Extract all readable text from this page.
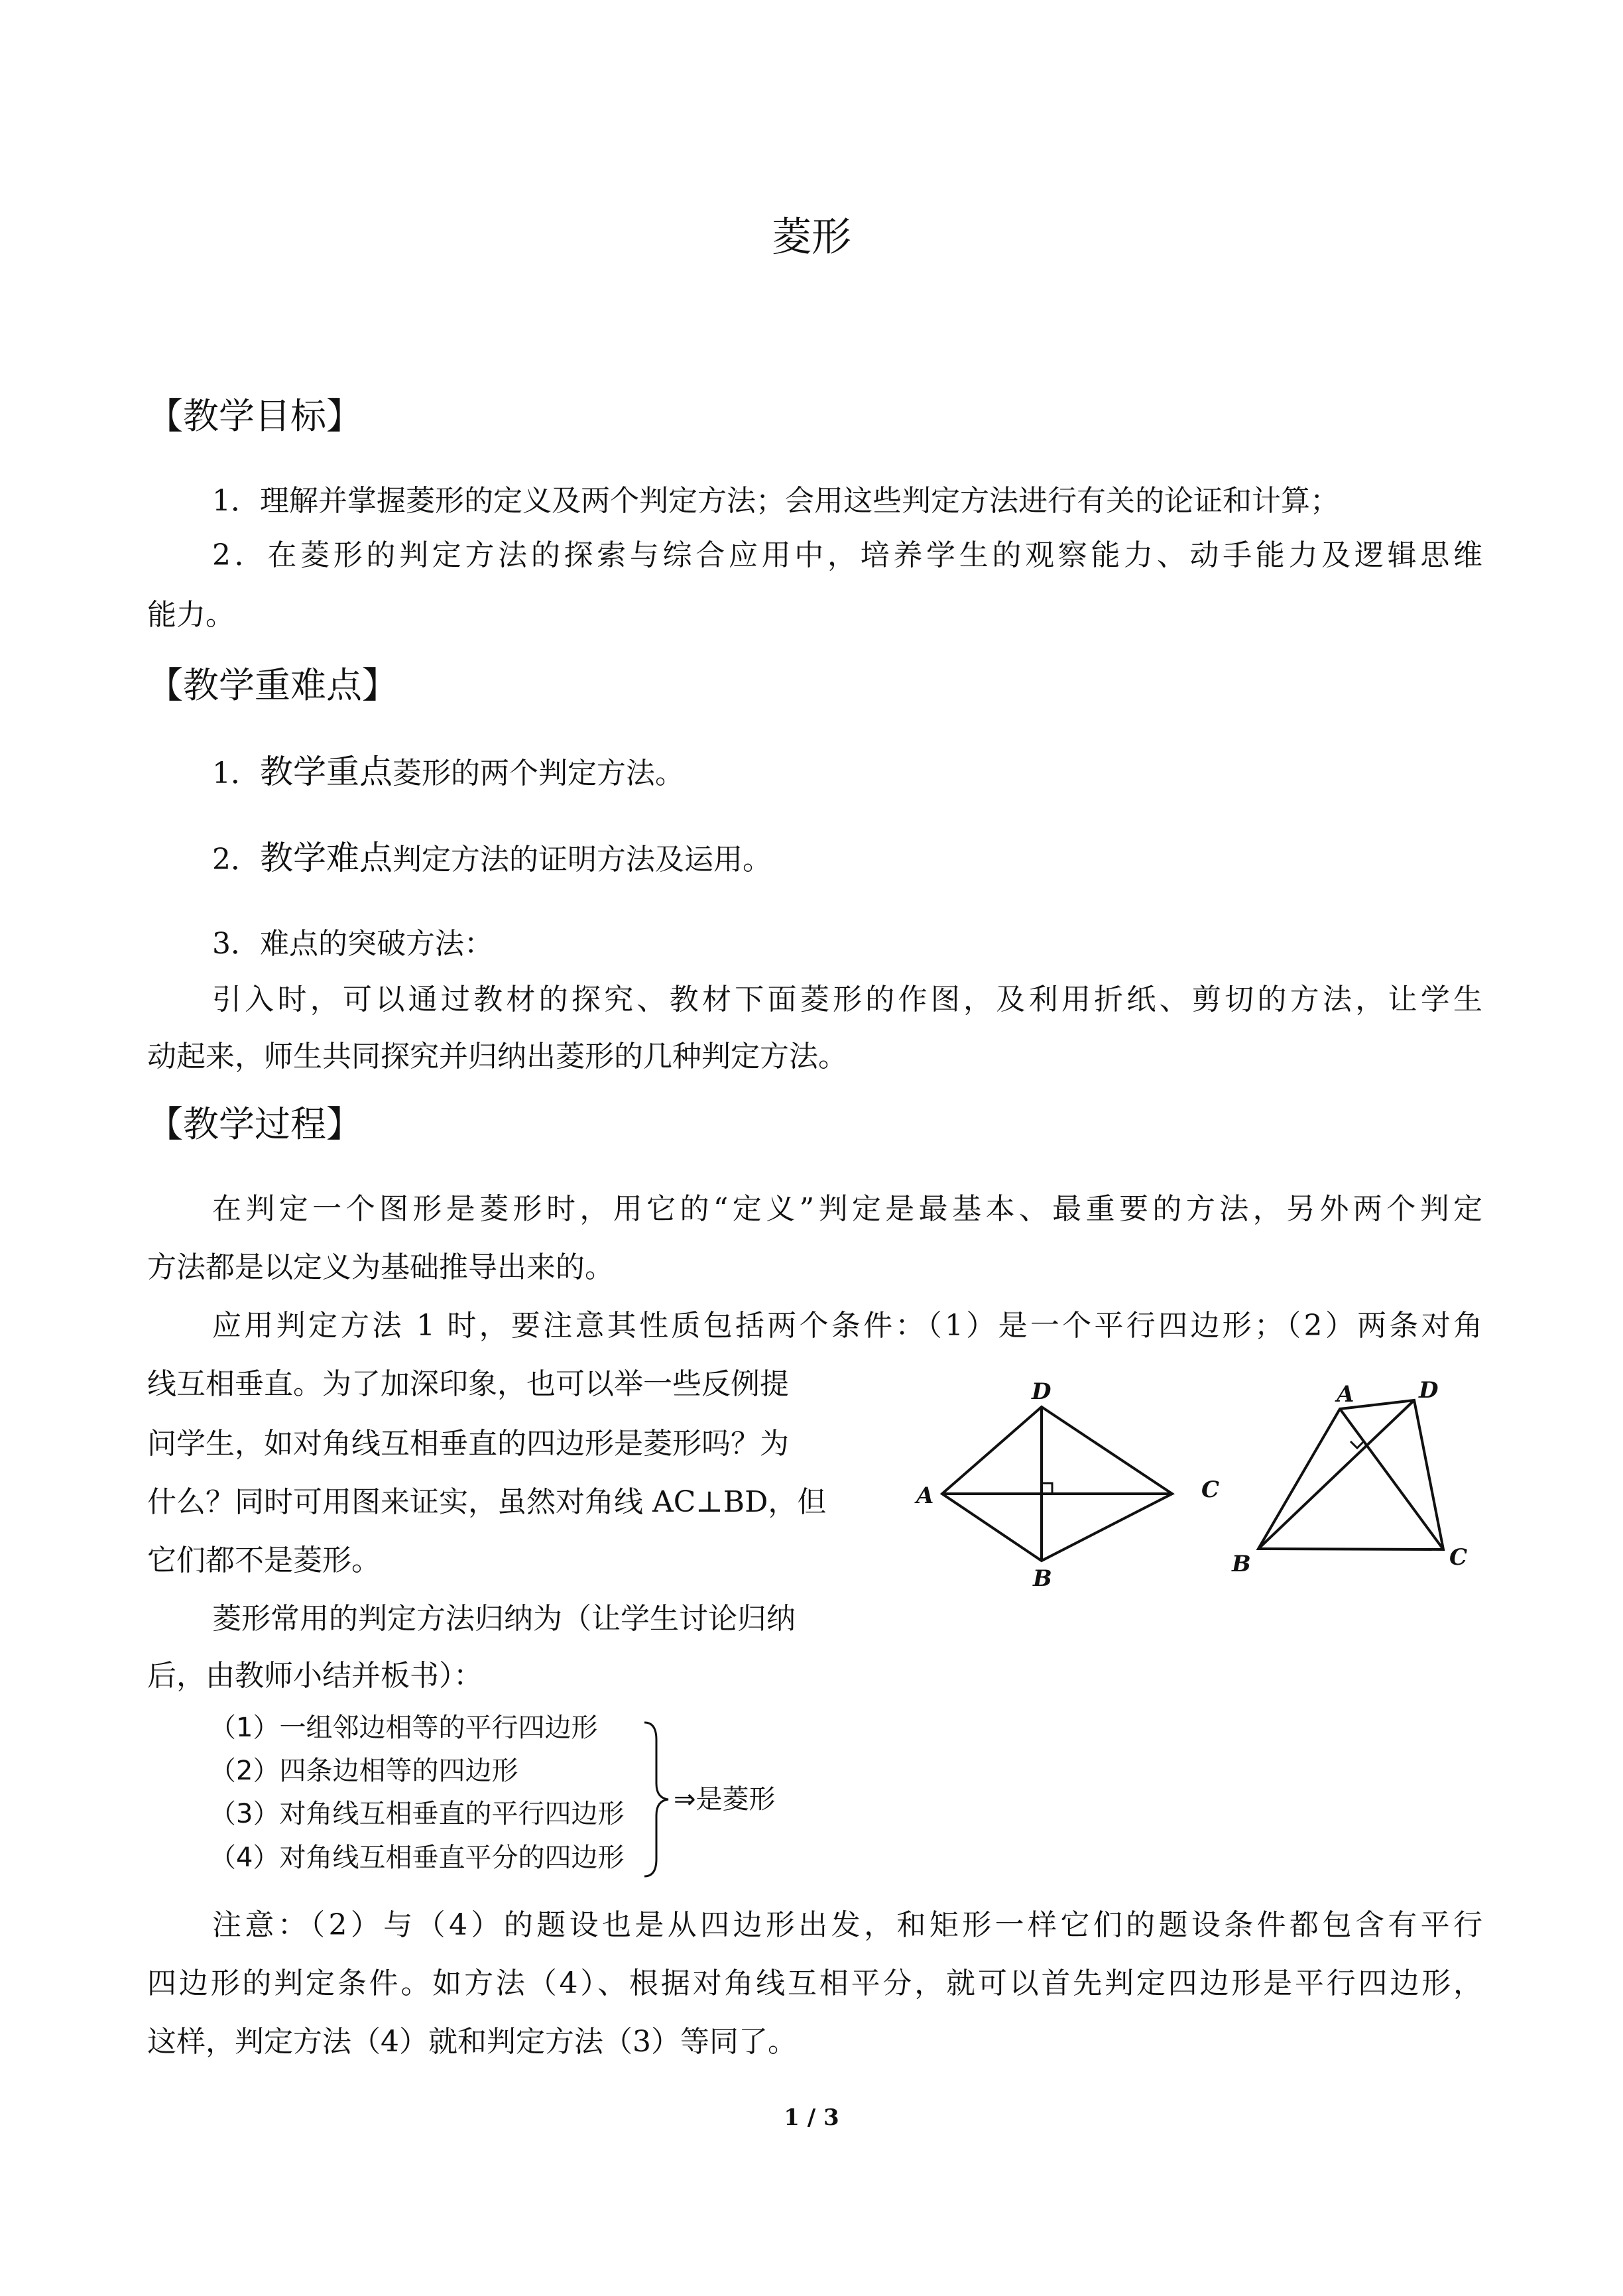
菱形
【教学目标】
1．理解并掌握菱形的定义及两个判定方法；会用这些判定方法进行有关的论证和计算；
2．在菱形的判定方法的探索与综合应用中，培养学生的观察能力、动手能力及逻辑思维
能力。
【教学重难点】
1．教学重点菱形的两个判定方法。
2．教学难点判定方法的证明方法及运用。
3．难点的突破方法：
引入时，可以通过教材的探究、教材下面菱形的作图，及利用折纸、剪切的方法，让学生
动起来，师生共同探究并归纳出菱形的几种判定方法。
【教学过程】
在判定一个图形是菱形时，用它的“定义”判定是最基本、最重要的方法，另外两个判定
方法都是以定义为基础推导出来的。
应用判定方法 1 时，要注意其性质包括两个条件：（1）是一个平行四边形；（2）两条对角
线互相垂直。为了加深印象，也可以举一些反例提
问学生，如对角线互相垂直的四边形是菱形吗？为
什么？同时可用图来证实，虽然对角线 AC⊥BD，但
它们都不是菱形。
菱形常用的判定方法归纳为（让学生讨论归纳
后，由教师小结并板书）：
（1）一组邻边相等的平行四边形
（2）四条边相等的四边形
（3）对角线互相垂直的平行四边形
（4）对角线互相垂直平分的四边形
⇒是菱形
注意：（2）与（4）的题设也是从四边形出发，和矩形一样它们的题设条件都包含有平行
四边形的判定条件。如方法（4）、根据对角线互相平分，就可以首先判定四边形是平行四边形，
这样，判定方法（4）就和判定方法（3）等同了。
A
D
C
B
A	D
C
B
1 / 3
